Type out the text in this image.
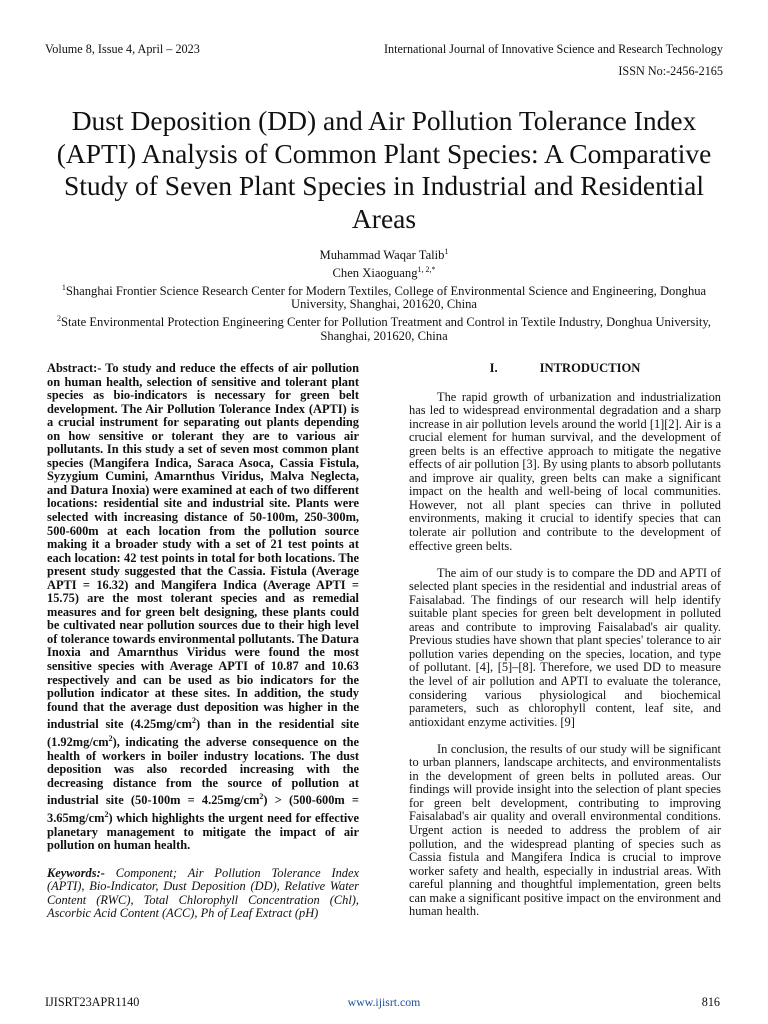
Volume 8, Issue 4, April – 2023	International Journal of Innovative Science and Research Technology
ISSN No:-2456-2165
Dust Deposition (DD) and Air Pollution Tolerance Index (APTI) Analysis of Common Plant Species: A Comparative Study of Seven Plant Species in Industrial and Residential Areas
Muhammad Waqar Talib$^1$
Chen Xiaoguang$^{1, 2,*}$
$^1$Shanghai Frontier Science Research Center for Modern Textiles, College of Environmental Science and Engineering, Donghua University, Shanghai, 201620, China
$^2$State Environmental Protection Engineering Center for Pollution Treatment and Control in Textile Industry, Donghua University, Shanghai, 201620, China

Abstract:- To study and reduce the effects of air pollution on human health, selection of sensitive and tolerant plant species as bio-indicators is necessary for green belt development. The Air Pollution Tolerance Index (APTI) is a crucial instrument for separating out plants depending on how sensitive or tolerant they are to various air pollutants. In this study a set of seven most common plant species (Mangifera Indica, Saraca Asoca, Cassia Fistula, Syzygium Cumini, Amarnthus Viridus, Malva Neglecta, and Datura Inoxia) were examined at each of two different locations: residential site and industrial site. Plants were selected with increasing distance of 50-100m, 250-300m, 500-600m at each location from the pollution source making it a broader study with a set of 21 test points at each location: 42 test points in total for both locations. The present study suggested that the Cassia. Fistula (Average APTI = 16.32) and Mangifera Indica (Average APTI = 15.75) are the most tolerant species and as remedial measures and for green belt designing, these plants could be cultivated near pollution sources due to their high level of tolerance towards environmental pollutants. The Datura Inoxia and Amarnthus Viridus were found the most sensitive species with Average APTI of 10.87 and 10.63 respectively and can be used as bio indicators for the pollution indicator at these sites. In addition, the study found that the average dust deposition was higher in the industrial site $(4.25mg/cm^2)$ than in the residential site $(1.92mg/cm^2)$, indicating the adverse consequence on the health of workers in boiler industry locations. The dust deposition was also recorded increasing with the decreasing distance from the source of pollution at industrial site $(50-100m = 4.25mg/cm^2) > (500-600m = 3.65mg/cm^2)$ which highlights the urgent need for effective planetary management to mitigate the impact of air pollution on human health.

Keywords:- Component; Air Pollution Tolerance Index (APTI), Bio-Indicator, Dust Deposition (DD), Relative Water Content (RWC), Total Chlorophyll Concentration (Chl), Ascorbic Acid Content (ACC), Ph of Leaf Extract (pH)

I.	INTRODUCTION

The rapid growth of urbanization and industrialization has led to widespread environmental degradation and a sharp increase in air pollution levels around the world [1][2]. Air is a crucial element for human survival, and the development of green belts is an effective approach to mitigate the negative effects of air pollution [3]. By using plants to absorb pollutants and improve air quality, green belts can make a significant impact on the health and well-being of local communities. However, not all plant species can thrive in polluted environments, making it crucial to identify species that can tolerate air pollution and contribute to the development of effective green belts.

The aim of our study is to compare the DD and APTI of selected plant species in the residential and industrial areas of Faisalabad. The findings of our research will help identify suitable plant species for green belt development in polluted areas and contribute to improving Faisalabad's air quality. Previous studies have shown that plant species' tolerance to air pollution varies depending on the species, location, and type of pollutant. [4], [5]–[8]. Therefore, we used DD to measure the level of air pollution and APTI to evaluate the tolerance, considering various physiological and biochemical parameters, such as chlorophyll content, leaf site, and antioxidant enzyme activities. [9]

In conclusion, the results of our study will be significant to urban planners, landscape architects, and environmentalists in the development of green belts in polluted areas. Our findings will provide insight into the selection of plant species for green belt development, contributing to improving Faisalabad's air quality and overall environmental conditions. Urgent action is needed to address the problem of air pollution, and the widespread planting of species such as Cassia fistula and Mangifera Indica is crucial to improve worker safety and health, especially in industrial areas. With careful planning and thoughtful implementation, green belts can make a significant positive impact on the environment and human health.

IJISRT23APR1140	www.ijisrt.com	816
